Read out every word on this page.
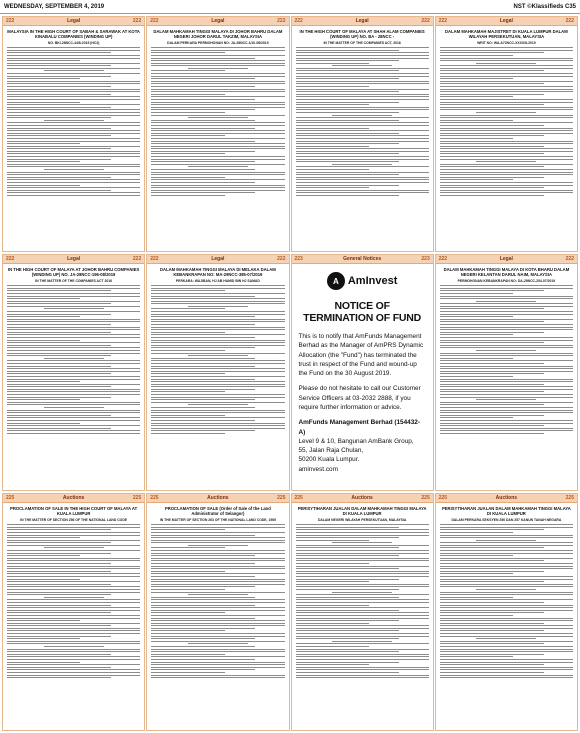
WEDNESDAY, SEPTEMBER 4, 2019	NST ©Klassifieds C35
222	Legal	222
MALAYSIA IN THE HIGH COURT OF SABAH & SARAWAK AT KOTA KINABALU COMPANIES (WINDING UP)
NO. BKI-28NCC-44/8-2019 (HC2)
222	Legal	222
DALAM MAHKAMAH TINGGI MALAYA DI JOHOR BAHRU DALAM NEGERI JOHOR DARUL TAKZIM, MALAYSIA
DALAM PERKARA PERMOHONAN NO: JA-28NCC-1/10-08/2019
222	Legal	222
IN THE HIGH COURT OF MALAYA AT SHAH ALAM COMPANIES (WINDING UP) NO. BA - 28NCC -
IN THE MATTER OF THE COMPANIES ACT, 2016
222	Legal	222
DALAM MAHKAMAH MAJISTRET DI KUALA LUMPUR DALAM WILAYAH PERSEKUTUAN, MALAYSIA
WRIT NO: WA-A72NCC-XXXX/8-2019
222	Legal	222
IN THE HIGH COURT OF MALAYA AT JOHOR BAHRU COMPANIES (WINDING UP) NO. JA-28NCC-196-08/2019
IN THE MATTER OF THE COMPANIES ACT 2016
222	Legal	222
DALAM MAHKAMAH TINGGI MALAYA DI MELAKA DALAM KEBANKRAPAN NO: MA-29NCC-385-07/2019
PERKARA: WAJIBAN, HJ AB HAMID BIN HJ SAMAD
223	General Notices	223
A AmInvest
NOTICE OF TERMINATION OF FUND

This is to notify that AmFunds Management Berhad as the Manager of AmPRS Dynamic Allocation (the "Fund") has terminated the trust in respect of the Fund and wound-up the Fund on the 30 August 2019.

Please do not hesitate to call our Customer Service Officers at 03-2032 2888, if you require further information or advice.

AmFunds Management Berhad (154432-A)
Level 9 & 10, Bangunan AmBank Group,
55, Jalan Raja Chulan,
50200 Kuala Lumpur.
aminvest.com

222	Legal	222
DALAM MAHKAMAH TINGGI MALAYA DI KOTA BHARU DALAM NEGERI KELANTAN DARUL NAIM, MALAYSIA
PERMOHONAN KEBANKRAPAN NO: DA-29NCC-254-07/2019
225	Auctions	225
PROCLAMATION OF SALE IN THE HIGH COURT OF MALAYA AT KUALA LUMPUR
IN THE MATTER OF SECTION 256 OF THE NATIONAL LAND CODE
225	Auctions	225
PROCLAMATION OF SALE (Order of Sale of the Land Administrator of Selangor)
IN THE MATTER OF SECTION 263 OF THE NATIONAL LAND CODE, 1965
225	Auctions	225
PERISYTIHARAN JUALAN DALAM MAHKAMAH TINGGI MALAYA DI KUALA LUMPUR
DALAM NEGERI WILAYAH PERSEKUTUAN, MALAYSIA
225	Auctions	225
PERISYTIHARAN JUALAN DALAM MAHKAMAH TINGGI MALAYA DI KUALA LUMPUR
DALAM PERKARA SEKSYEN 256 DAN 257 KANUN TANAH NEGARA
